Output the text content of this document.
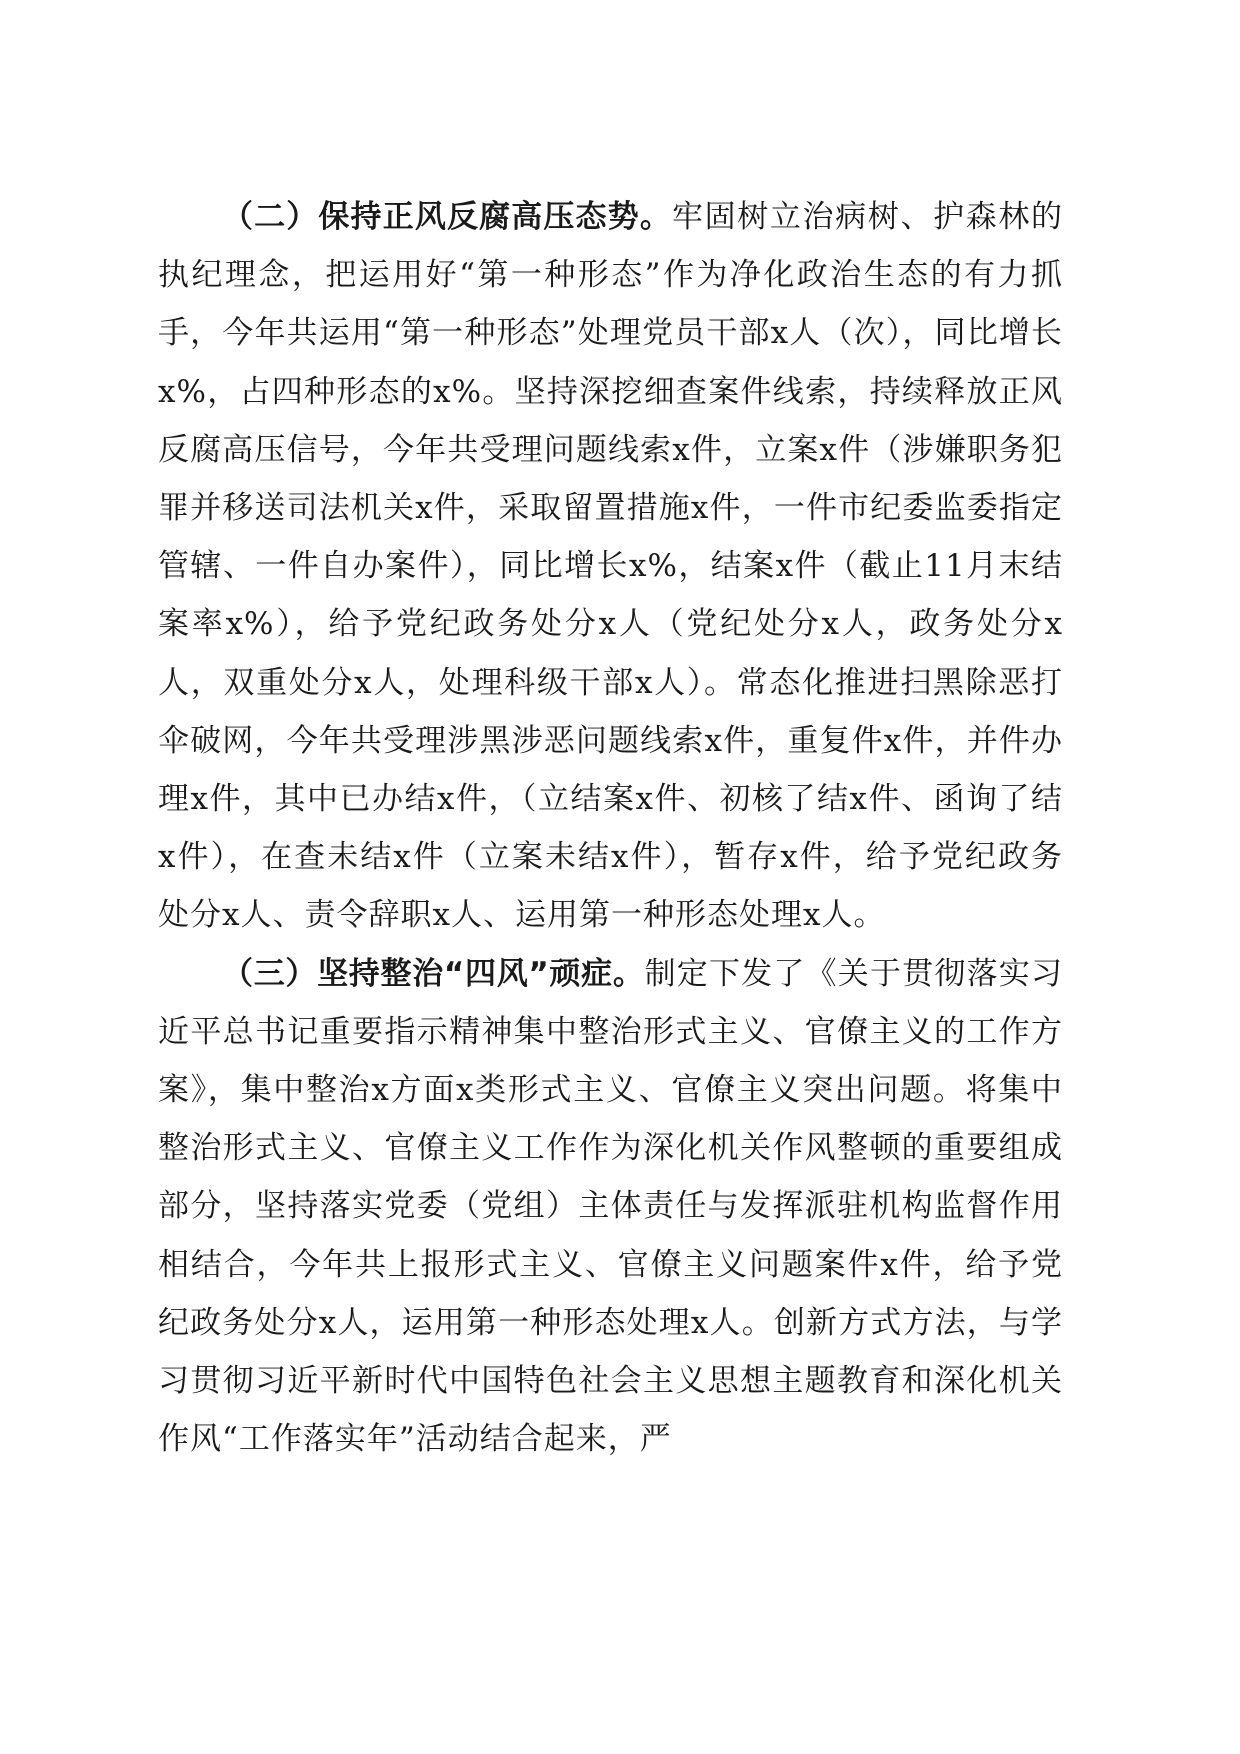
（二）保持正风反腐高压态势。牢固树立治病树、护森林的执纪理念，把运用好“第一种形态”作为净化政治生态的有力抓手，今年共运用“第一种形态”处理党员干部x人（次），同比增长x%，占四种形态的x%。坚持深挖细查案件线索，持续释放正风反腐高压信号，今年共受理问题线索x件，立案x件（涉嫌职务犯罪并移送司法机关x件，采取留置措施x件，一件市纪委监委指定管辖、一件自办案件），同比增长x%，结案x件（截止11月末结案率x%），给予党纪政务处分x人（党纪处分x人，政务处分x人，双重处分x人，处理科级干部x人）。常态化推进扫黑除恶打伞破网，今年共受理涉黑涉恶问题线索x件，重复件x件，并件办理x件，其中已办结x件，（立结案x件、初核了结x件、函询了结x件），在查未结x件（立案未结x件），暂存x件，给予党纪政务处分x人、责令辞职x人、运用第一种形态处理x人。

（三）坚持整治“四风”顽症。制定下发了《关于贯彻落实习近平总书记重要指示精神集中整治形式主义、官僚主义的工作方案》，集中整治x方面x类形式主义、官僚主义突出问题。将集中整治形式主义、官僚主义工作作为深化机关作风整顿的重要组成部分，坚持落实党委（党组）主体责任与发挥派驻机构监督作用相结合，今年共上报形式主义、官僚主义问题案件x件，给予党纪政务处分x人，运用第一种形态处理x人。创新方式方法，与学习贯彻习近平新时代中国特色社会主义思想主题教育和深化机关作风“工作落实年”活动结合起来，严
